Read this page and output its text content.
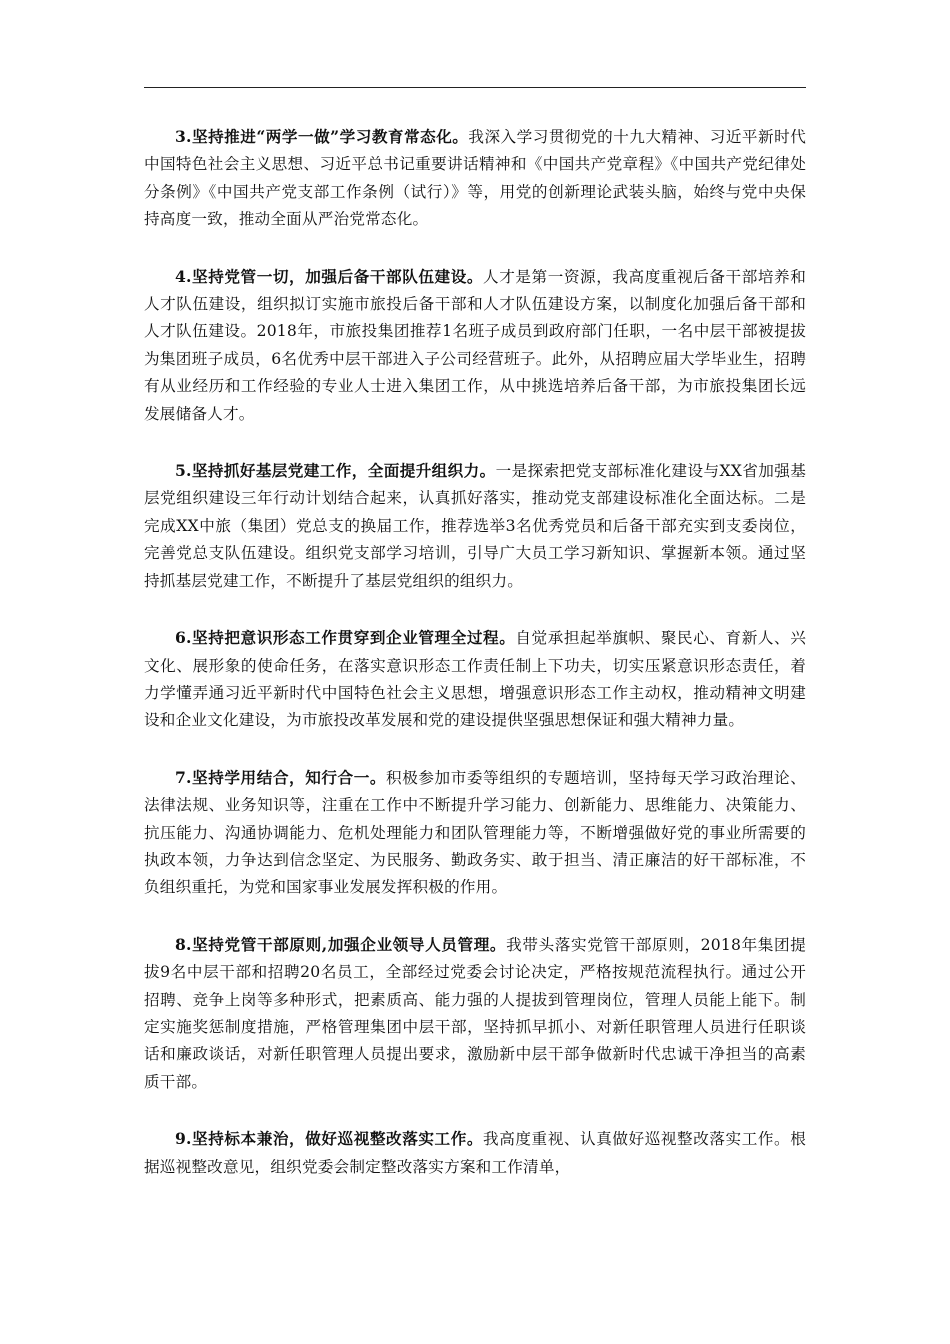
3.坚持推进“两学一做”学习教育常态化。我深入学习贯彻党的十九大精神、习近平新时代中国特色社会主义思想、习近平总书记重要讲话精神和《中国共产党章程》《中国共产党纪律处分条例》《中国共产党支部工作条例（试行）》等，用党的创新理论武装头脑，始终与党中央保持高度一致，推动全面从严治党常态化。

4.坚持党管一切，加强后备干部队伍建设。人才是第一资源，我高度重视后备干部培养和人才队伍建设，组织拟订实施市旅投后备干部和人才队伍建设方案，以制度化加强后备干部和人才队伍建设。2018年，市旅投集团推荐1名班子成员到政府部门任职，一名中层干部被提拔为集团班子成员，6名优秀中层干部进入子公司经营班子。此外，从招聘应届大学毕业生，招聘有从业经历和工作经验的专业人士进入集团工作，从中挑选培养后备干部，为市旅投集团长远发展储备人才。

5.坚持抓好基层党建工作，全面提升组织力。一是探索把党支部标准化建设与XX省加强基层党组织建设三年行动计划结合起来，认真抓好落实，推动党支部建设标准化全面达标。二是完成XX中旅（集团）党总支的换届工作，推荐选举3名优秀党员和后备干部充实到支委岗位，完善党总支队伍建设。组织党支部学习培训，引导广大员工学习新知识、掌握新本领。通过坚持抓基层党建工作，不断提升了基层党组织的组织力。

6.坚持把意识形态工作贯穿到企业管理全过程。自觉承担起举旗帜、聚民心、育新人、兴文化、展形象的使命任务，在落实意识形态工作责任制上下功夫，切实压紧意识形态责任，着力学懂弄通习近平新时代中国特色社会主义思想，增强意识形态工作主动权，推动精神文明建设和企业文化建设，为市旅投改革发展和党的建设提供坚强思想保证和强大精神力量。

7.坚持学用结合，知行合一。积极参加市委等组织的专题培训，坚持每天学习政治理论、法律法规、业务知识等，注重在工作中不断提升学习能力、创新能力、思维能力、决策能力、抗压能力、沟通协调能力、危机处理能力和团队管理能力等，不断增强做好党的事业所需要的执政本领，力争达到信念坚定、为民服务、勤政务实、敢于担当、清正廉洁的好干部标准，不负组织重托，为党和国家事业发展发挥积极的作用。

8.坚持党管干部原则,加强企业领导人员管理。我带头落实党管干部原则，2018年集团提拔9名中层干部和招聘20名员工，全部经过党委会讨论决定，严格按规范流程执行。通过公开招聘、竞争上岗等多种形式，把素质高、能力强的人提拔到管理岗位，管理人员能上能下。制定实施奖惩制度措施，严格管理集团中层干部，坚持抓早抓小、对新任职管理人员进行任职谈话和廉政谈话，对新任职管理人员提出要求，激励新中层干部争做新时代忠诚干净担当的高素质干部。

9.坚持标本兼治，做好巡视整改落实工作。我高度重视、认真做好巡视整改落实工作。根据巡视整改意见，组织党委会制定整改落实方案和工作清单，
